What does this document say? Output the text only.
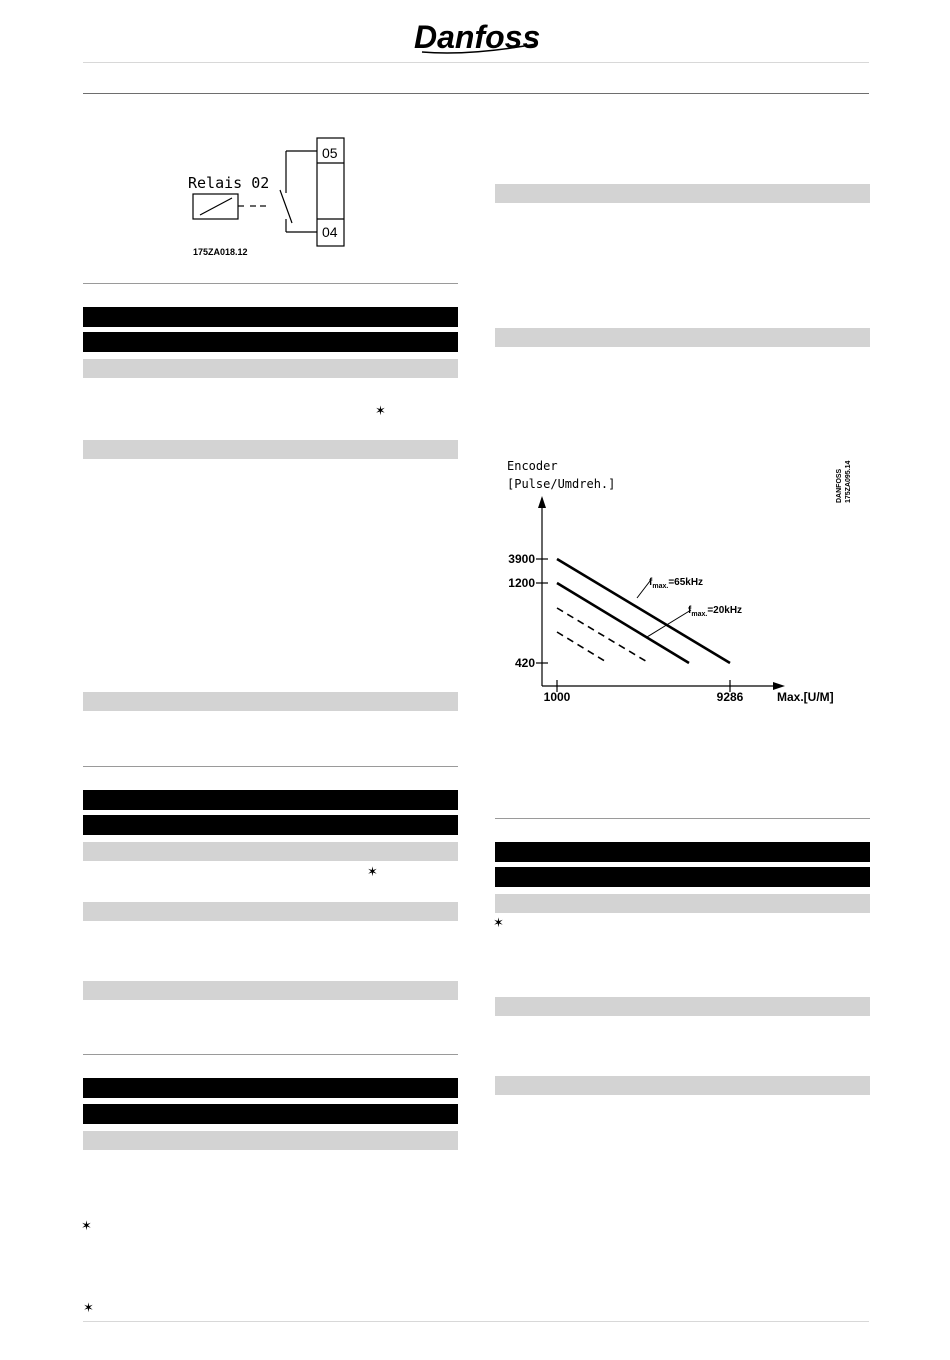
Danfoss
05
04
Relais 02
175ZA018.12
✶
✶
✶
✶
Encoder
[Pulse/Umdreh.]	DANFOSS 175ZA095.14
420
1200
3900
1000	9286	Max.[U/M]
$f_{max.}=65kHz$
$f_{max.}=20kHz$
✶
